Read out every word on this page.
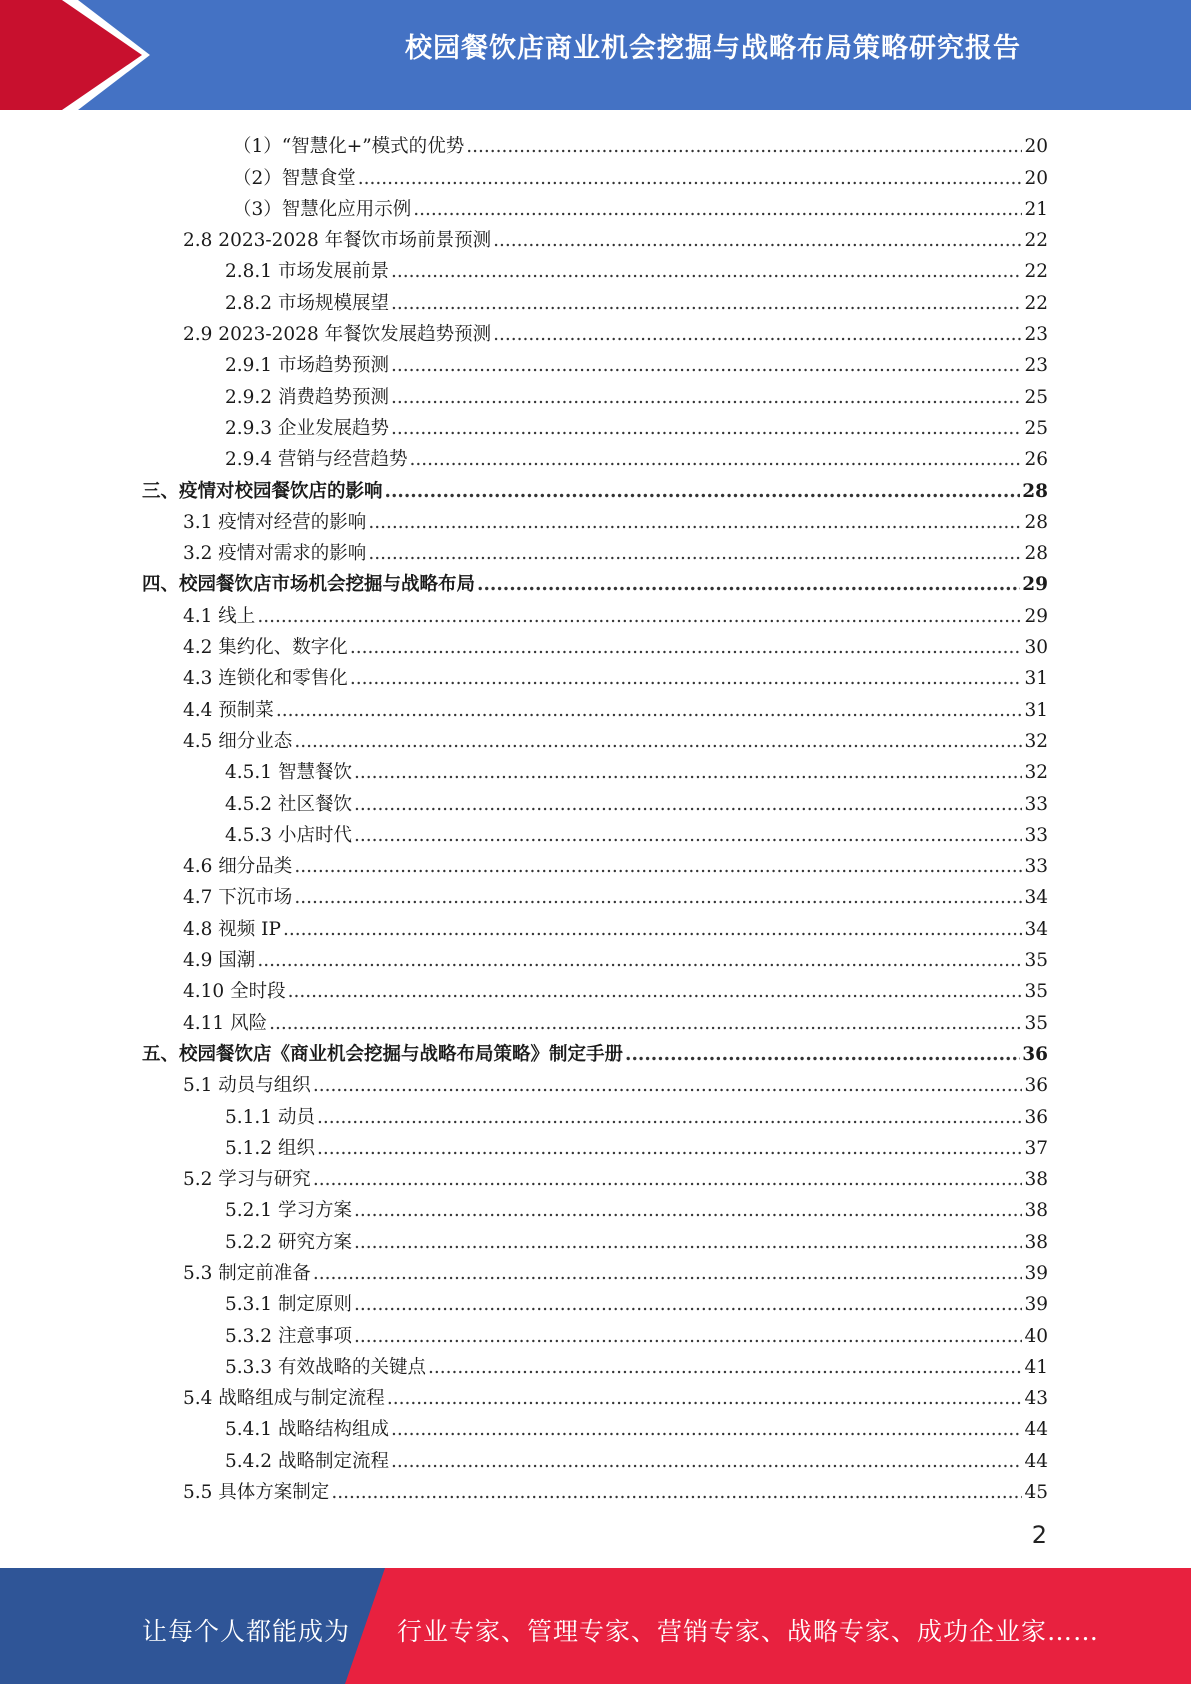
校园餐饮店商业机会挖掘与战略布局策略研究报告
（1）“智慧化+”模式的优势 .....	20
（2）智慧食堂 .....	20
（3）智慧化应用示例 .....	21
2.8 2023-2028 年餐饮市场前景预测 .....	22
2.8.1 市场发展前景 .....	22
2.8.2 市场规模展望 .....	22
2.9 2023-2028 年餐饮发展趋势预测 .....	23
2.9.1 市场趋势预测 .....	23
2.9.2 消费趋势预测 .....	25
2.9.3 企业发展趋势 .....	25
2.9.4 营销与经营趋势 .....	26
三、疫情对校园餐饮店的影响 .....	28
3.1 疫情对经营的影响 .....	28
3.2 疫情对需求的影响 .....	28
四、校园餐饮店市场机会挖掘与战略布局 .....	29
4.1 线上 .....	29
4.2 集约化、数字化 .....	30
4.3 连锁化和零售化 .....	31
4.4 预制菜 .....	31
4.5 细分业态 .....	32
4.5.1 智慧餐饮 .....	32
4.5.2 社区餐饮 .....	33
4.5.3 小店时代 .....	33
4.6 细分品类 .....	33
4.7 下沉市场 .....	34
4.8 视频 IP .....	34
4.9 国潮 .....	35
4.10 全时段 .....	35
4.11 风险 .....	35
五、校园餐饮店《商业机会挖掘与战略布局策略》制定手册 .....	36
5.1 动员与组织 .....	36
5.1.1 动员 .....	36
5.1.2 组织 .....	37
5.2 学习与研究 .....	38
5.2.1 学习方案 .....	38
5.2.2 研究方案 .....	38
5.3 制定前准备 .....	39
5.3.1 制定原则 .....	39
5.3.2 注意事项 .....	40
5.3.3 有效战略的关键点 .....	41
5.4 战略组成与制定流程 .....	43
5.4.1 战略结构组成 .....	44
5.4.2 战略制定流程 .....	44
5.5 具体方案制定 .....	45
2
让每个人都能成为 行业专家、管理专家、营销专家、战略专家、成功企业家……
